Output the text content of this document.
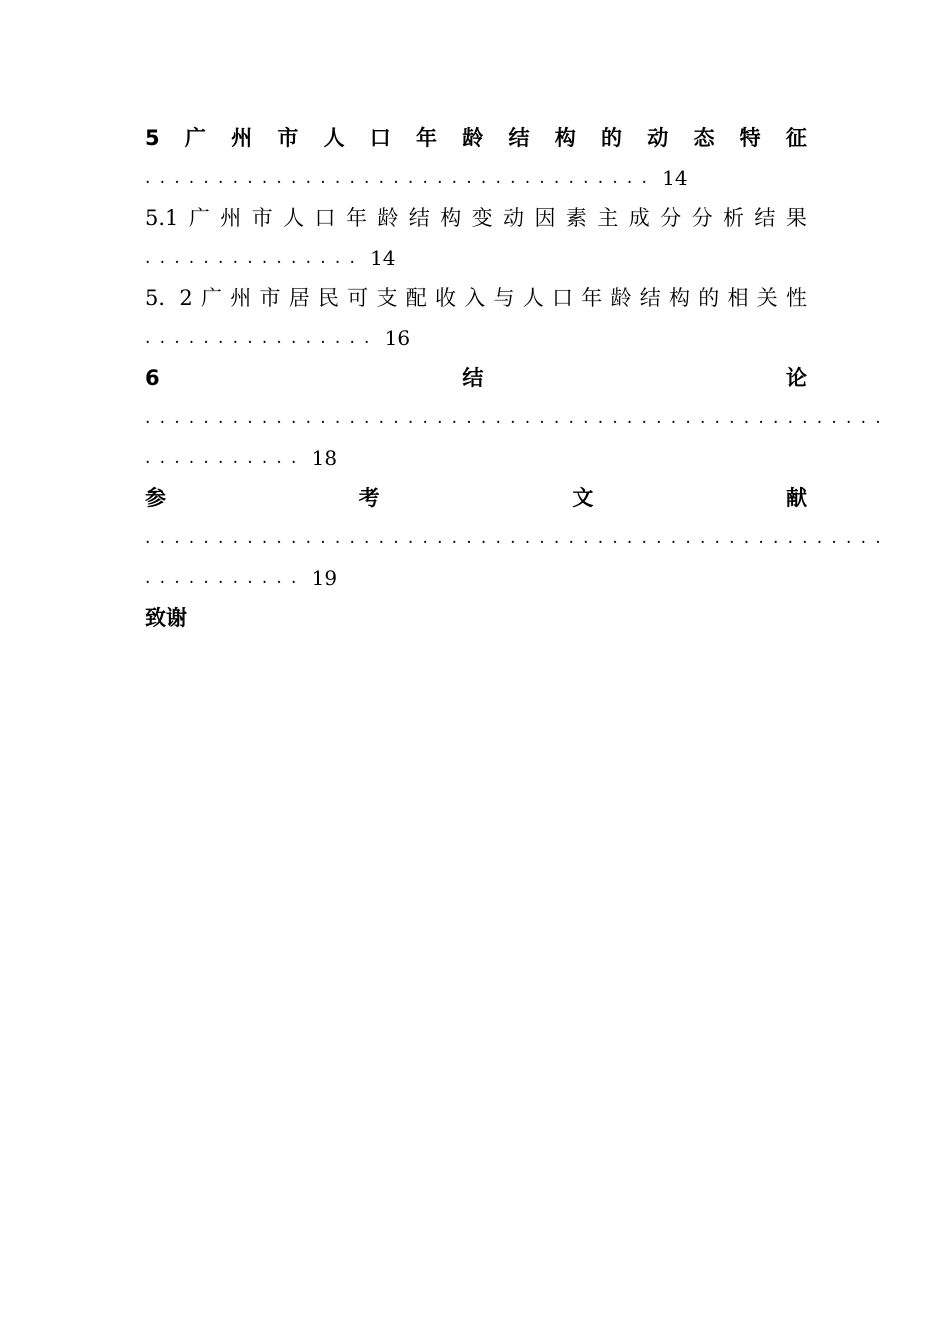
5 广 州 市 人 口 年 龄 结 构 的 动 态 特 征
................................... 14
5.1 广 州 市 人 口 年 龄 结 构 变 动 因 素 主 成 分 分 析 结 果
............... 14
5．2 广 州 市 居 民 可 支 配 收 入 与 人 口 年 龄 结 构 的 相 关 性
................ 16
6	结	论
...................................................
........... 18
参	考	文	献
...................................................
........... 19
致谢
